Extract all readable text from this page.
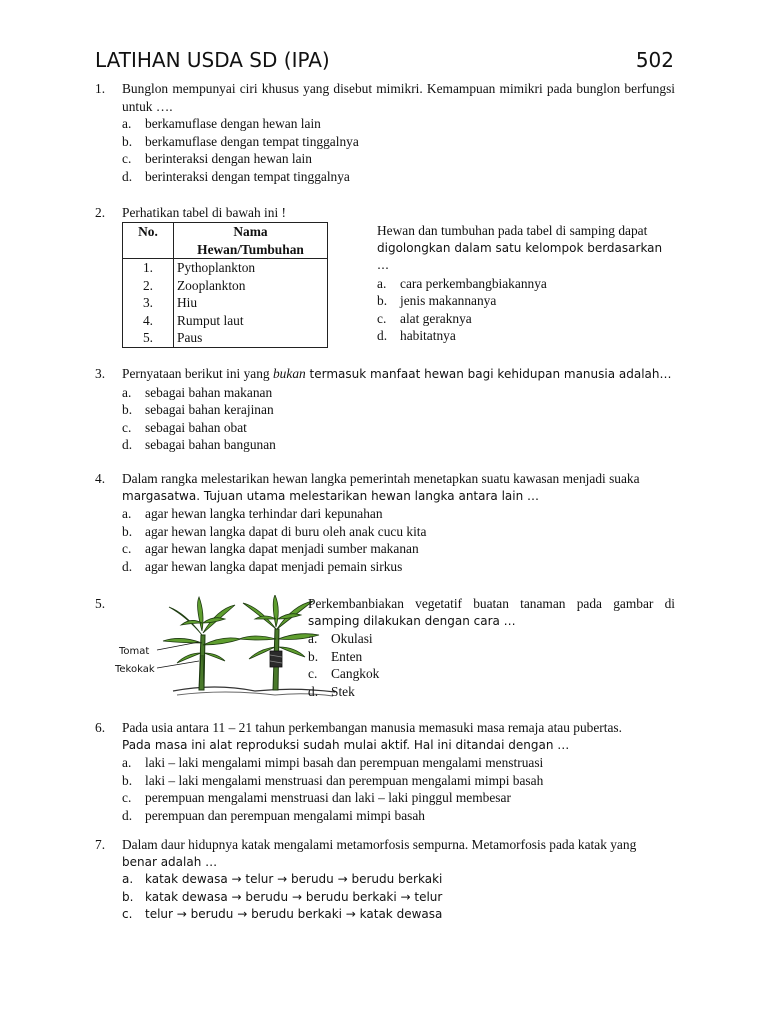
LATIHAN USDA SD (IPA)	502
1. Bunglon mempunyai ciri khusus yang disebut mimikri. Kemampuan mimikri pada bunglon berfungsi untuk ….
a.	berkamuflase dengan hewan lain
b. berkamuflase dengan tempat tinggalnya
c.	berinteraksi dengan hewan lain
d. berinteraksi dengan tempat tinggalnya
2. Perhatikan tabel di bawah ini !
No.	Nama
Hewan/Tumbuhan
1.	Pythoplankton
2.	Zooplankton
3.	Hiu
4.	Rumput laut
5.	Paus
Hewan dan tumbuhan pada tabel di samping dapat
digolongkan dalam satu kelompok berdasarkan …
a.	cara perkembangbiakannya
b. jenis makannanya
c.	alat geraknya
d. habitatnya
3. Pernyataan berikut ini yang bukan termasuk manfaat hewan bagi kehidupan manusia adalah…
a.	sebagai bahan makanan
b. sebagai bahan kerajinan
c.	sebagai bahan obat
d. sebagai bahan bangunan
4. Dalam rangka melestarikan hewan langka pemerintah menetapkan suatu kawasan menjadi suaka
margasatwa. Tujuan utama melestarikan hewan langka antara lain …
a.	agar hewan langka terhindar dari kepunahan
b. agar hewan langka dapat di buru oleh anak cucu kita
c.	agar hewan langka dapat menjadi sumber makanan
d. agar hewan langka dapat menjadi pemain sirkus
5.
Tomat
Tekokak
Perkembanbiakan vegetatif buatan tanaman pada gambar di
samping dilakukan dengan cara …
a.	Okulasi
b. Enten
c.	Cangkok
d. Stek
6. Pada usia antara 11 – 21 tahun perkembangan manusia memasuki masa remaja atau pubertas.
Pada masa ini alat reproduksi sudah mulai aktif. Hal ini ditandai dengan …
a.	laki – laki mengalami mimpi basah dan perempuan mengalami menstruasi
b. laki – laki mengalami menstruasi dan perempuan mengalami mimpi basah
c.	perempuan mengalami menstruasi dan laki – laki pinggul membesar
d. perempuan dan perempuan mengalami mimpi basah
7. Dalam daur hidupnya katak mengalami metamorfosis sempurna. Metamorfosis pada katak yang
benar adalah …
a. katak dewasa → telur → berudu → berudu berkaki
b. katak dewasa → berudu → berudu berkaki → telur
c.	telur → berudu → berudu berkaki → katak dewasa
